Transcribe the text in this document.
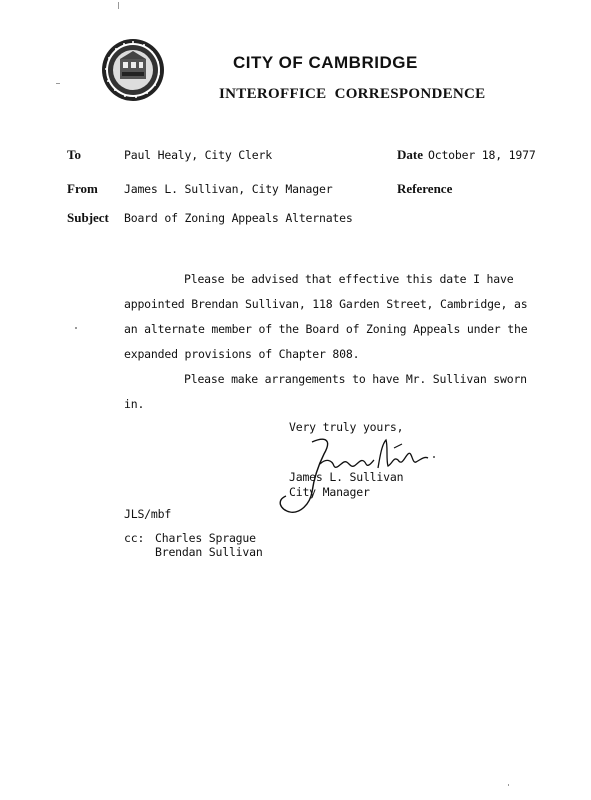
CITY OF CAMBRIDGE
INTEROFFICE  CORRESPONDENCE
To	Paul Healy, City Clerk	Date October 18, 1977
From James L. Sullivan, City Manager	Reference
Subject Board of Zoning Appeals Alternates
Please be advised that effective this date I have
appointed Brendan Sullivan, 118 Garden Street, Cambridge, as
an alternate member of the Board of Zoning Appeals under the
expanded provisions of Chapter 808.
Please make arrangements to have Mr. Sullivan sworn
in.
Very truly yours,
James L. Sullivan
City Manager
JLS/mbf
cc: Charles Sprague
Brendan Sullivan
